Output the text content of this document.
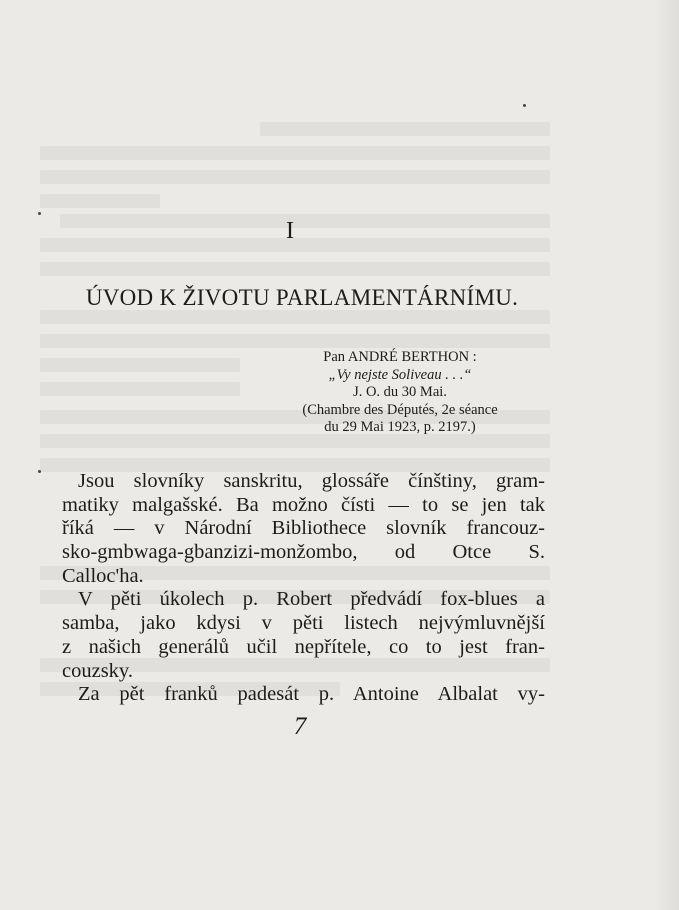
I
ÚVOD K ŽIVOTU PARLAMENTÁRNÍMU.
Pan ANDRÉ BERTHON :
„Vy nejste Soliveau . . .“
J. O. du 30 Mai.
(Chambre des Députés, 2e séance
du 29 Mai 1923, p. 2197.)
Jsou slovníky sanskritu, glossáře čínštiny, gram-
matiky malgašské. Ba možno čísti — to se jen tak
říká — v Národní Bibliothece slovník francouz-
sko-gmbwaga-gbanzizi-monžombo, od Otce S.
Calloc'ha.
V pěti úkolech p. Robert předvádí fox-blues a
samba, jako kdysi v pěti listech nejvýmluvnější
z našich generálů učil nepřítele, co to jest fran-
couzsky.
Za pět franků padesát p. Antoine Albalat vy-
7
